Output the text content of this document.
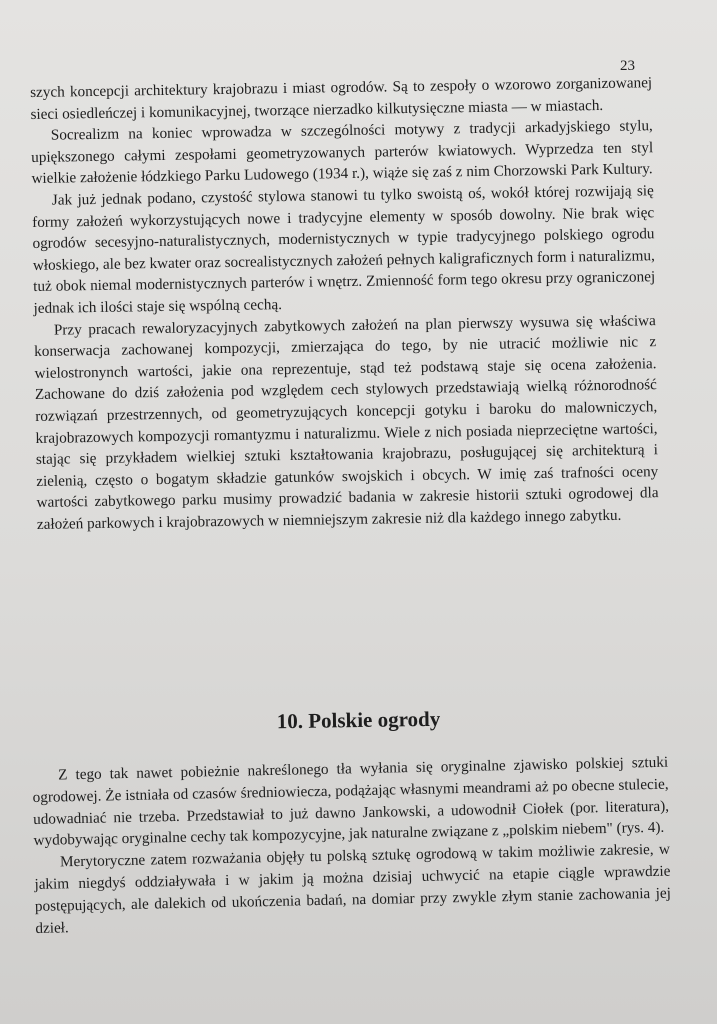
23

szych koncepcji architektury krajobrazu i miast ogrodów. Są to zespoły o wzorowo zorganizowanej sieci osiedleńczej i komunikacyjnej, tworzące nierzadko kilkutysięczne miasta — w miastach.

Socrealizm na koniec wprowadza w szczególności motywy z tradycji arkadyjskiego stylu, upiększonego całymi zespołami geometryzowanych parterów kwiatowych. Wyprzedza ten styl wielkie założenie łódzkiego Parku Ludowego (1934 r.), wiąże się zaś z nim Chorzowski Park Kultury.

Jak już jednak podano, czystość stylowa stanowi tu tylko swoistą oś, wokół której rozwijają się formy założeń wykorzystujących nowe i tradycyjne elementy w sposób dowolny. Nie brak więc ogrodów secesyjno-naturalistycznych, modernistycznych w typie tradycyjnego polskiego ogrodu włoskiego, ale bez kwater oraz socrealistycznych założeń pełnych kaligraficznych form i naturalizmu, tuż obok niemal modernistycznych parterów i wnętrz. Zmienność form tego okresu przy ograniczonej jednak ich ilości staje się wspólną cechą.

Przy pracach rewaloryzacyjnych zabytkowych założeń na plan pierwszy wysuwa się właściwa konserwacja zachowanej kompozycji, zmierzająca do tego, by nie utracić możliwie nic z wielostronynch wartości, jakie ona reprezentuje, stąd też podstawą staje się ocena założenia. Zachowane do dziś założenia pod względem cech stylowych przedstawiają wielką różnorodność rozwiązań przestrzennych, od geometryzujących koncepcji gotyku i baroku do malowniczych, krajobrazowych kompozycji romantyzmu i naturalizmu. Wiele z nich posiada nieprzeciętne wartości, stając się przykładem wielkiej sztuki kształtowania krajobrazu, posługującej się architekturą i zielenią, często o bogatym składzie gatunków swojskich i obcych. W imię zaś trafności oceny wartości zabytkowego parku musimy prowadzić badania w zakresie historii sztuki ogrodowej dla założeń parkowych i krajobrazowych w niemniejszym zakresie niż dla każdego innego zabytku.

10. Polskie ogrody

Z tego tak nawet pobieżnie nakreślonego tła wyłania się oryginalne zjawisko polskiej sztuki ogrodowej. Że istniała od czasów średniowiecza, podążając własnymi meandrami aż po obecne stulecie, udowadniać nie trzeba. Przedstawiał to już dawno Jankowski, a udowodnił Ciołek (por. literatura), wydobywając oryginalne cechy tak kompozycyjne, jak naturalne związane z „polskim niebem" (rys. 4).

Merytoryczne zatem rozważania objęły tu polską sztukę ogrodową w takim możliwie zakresie, w jakim niegdyś oddziaływała i w jakim ją można dzisiaj uchwycić na etapie ciągle wprawdzie postępujących, ale dalekich od ukończenia badań, na domiar przy zwykle złym stanie zachowania jej dzieł.
